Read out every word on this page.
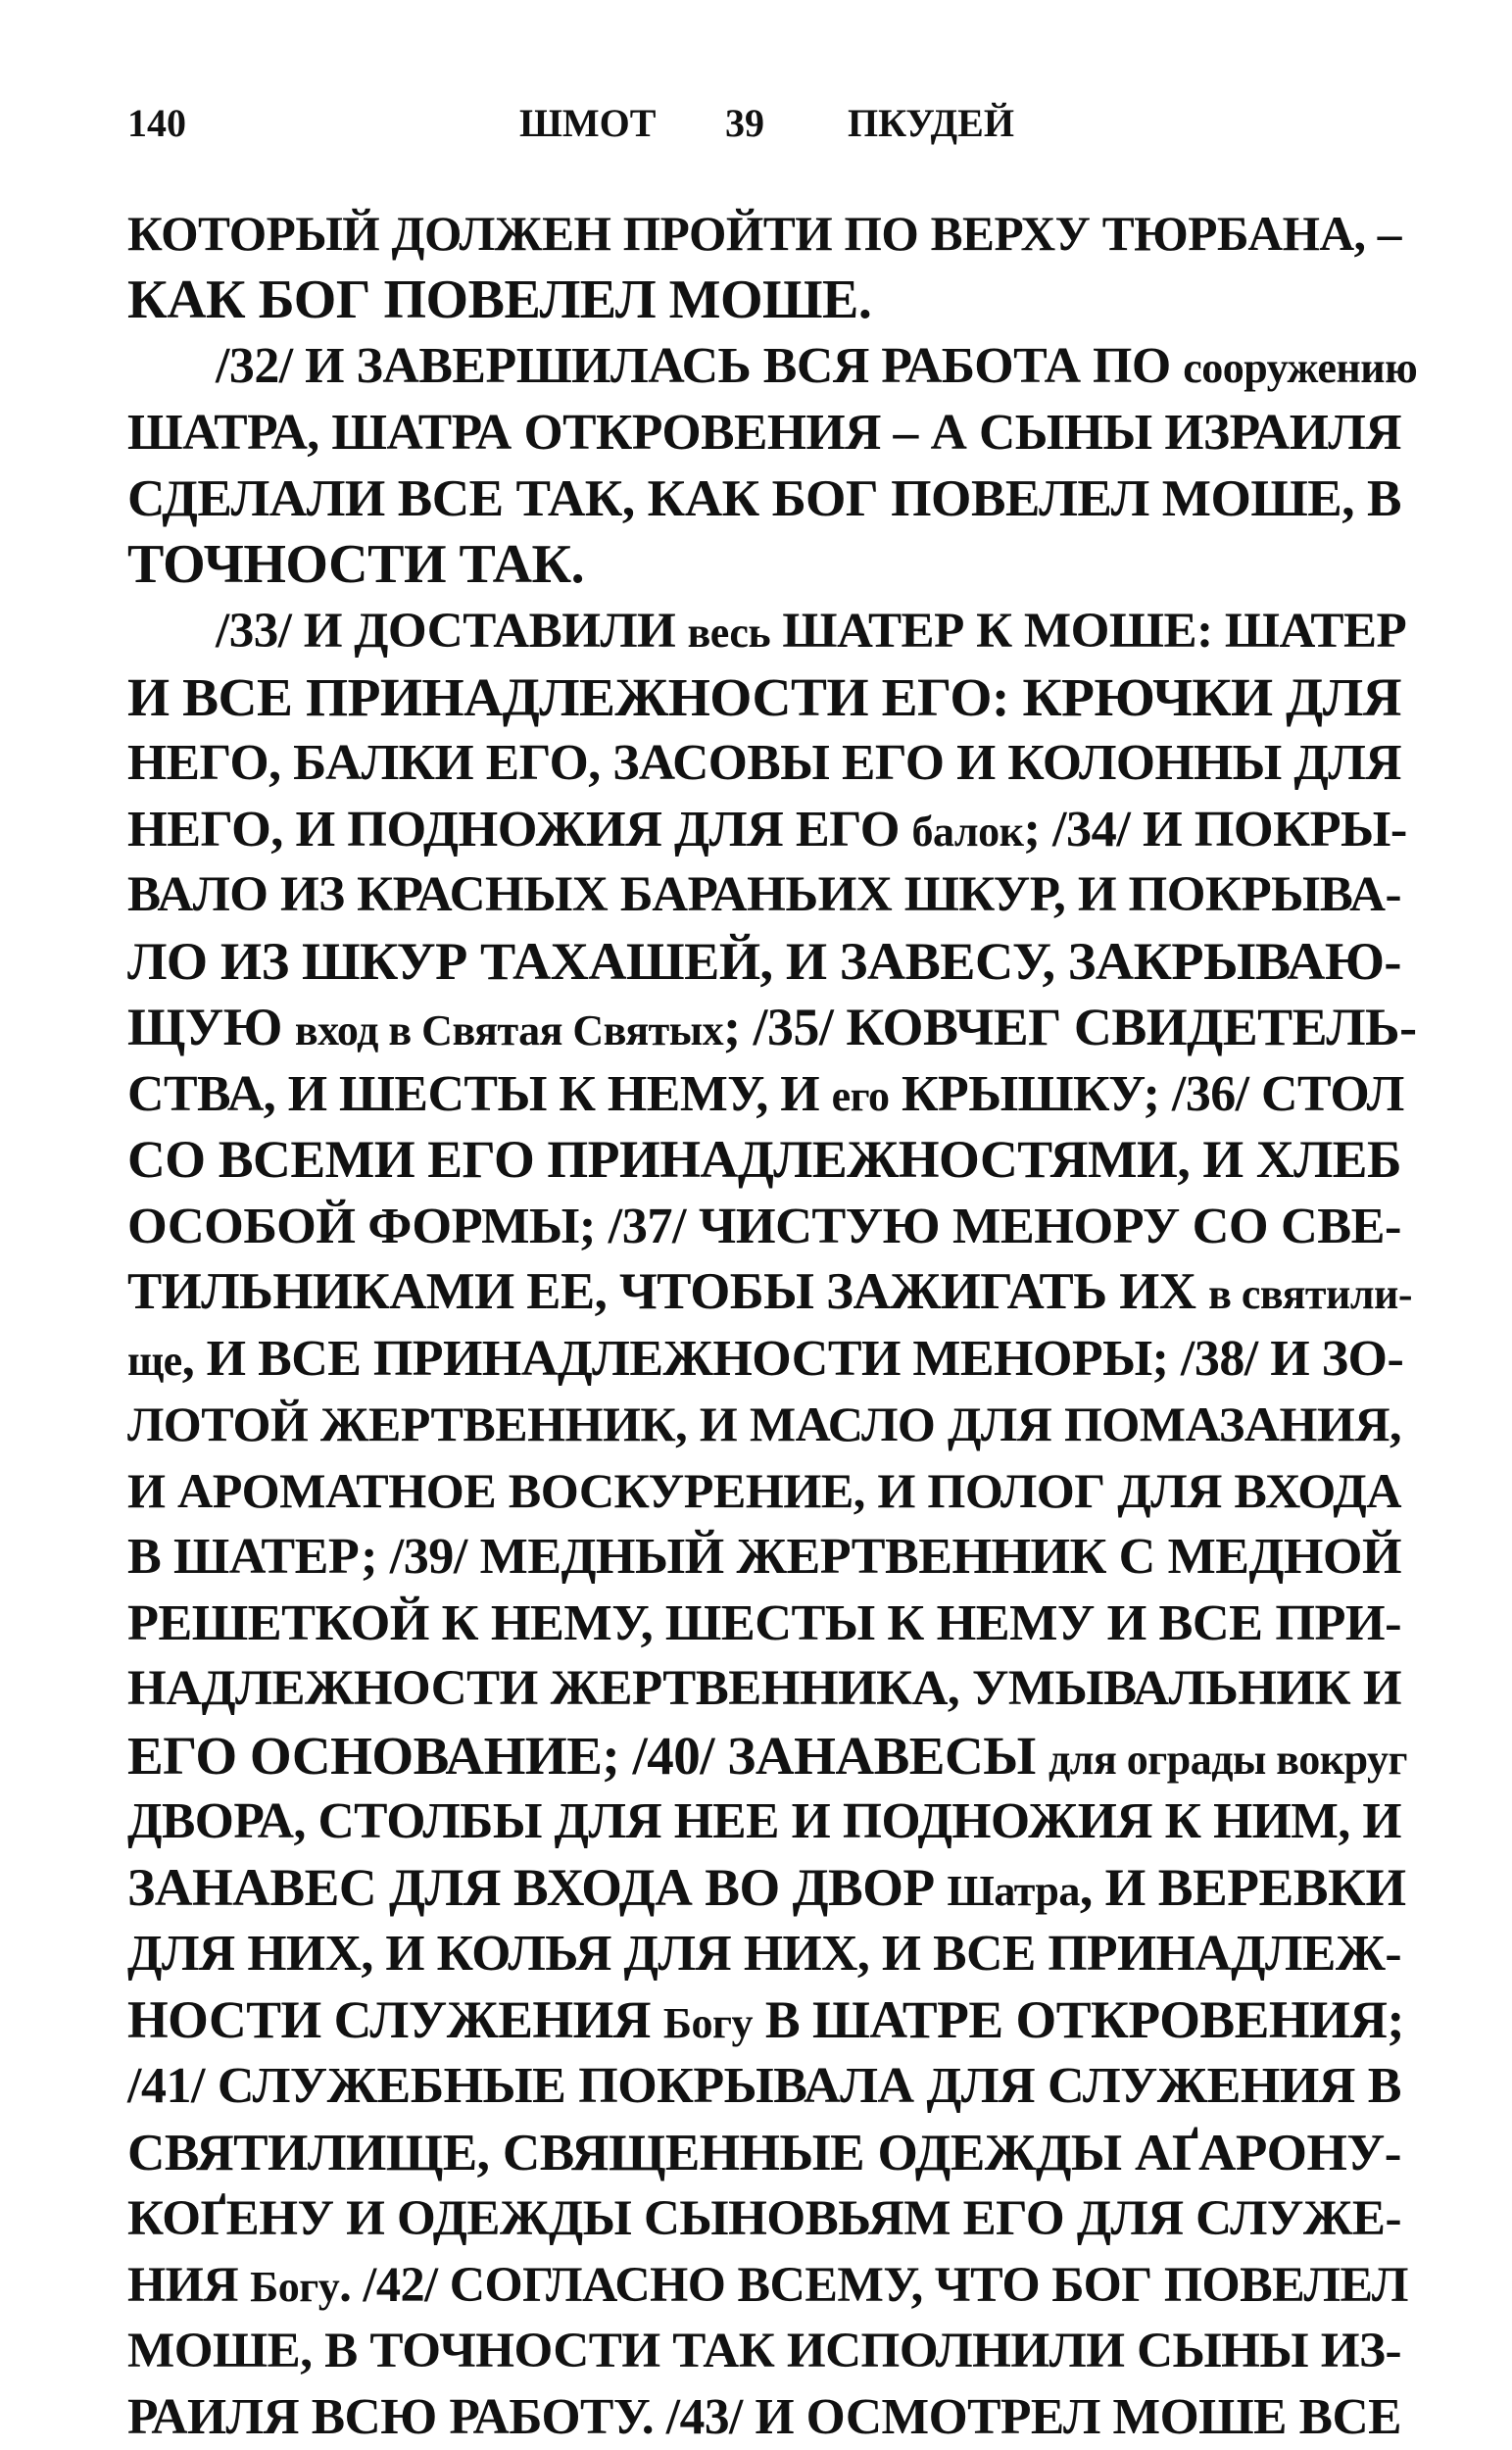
140	ШМОТ 39 ПКУДЕЙ
КОТОРЫЙ ДОЛЖЕН ПРОЙТИ ПО ВЕРХУ ТЮРБАНА, –
КАК БОГ ПОВЕЛЕЛ МОШЕ.
/32/ И ЗАВЕРШИЛАСЬ ВСЯ РАБОТА ПО сооружению
ШАТРА, ШАТРА ОТКРОВЕНИЯ – А СЫНЫ ИЗРАИЛЯ
СДЕЛАЛИ ВСЕ ТАК, КАК БОГ ПОВЕЛЕЛ МОШЕ, В
ТОЧНОСТИ ТАК.
/33/ И ДОСТАВИЛИ весь ШАТЕР К МОШЕ: ШАТЕР
И ВСЕ ПРИНАДЛЕЖНОСТИ ЕГО: КРЮЧКИ ДЛЯ
НЕГО, БАЛКИ ЕГО, ЗАСОВЫ ЕГО И КОЛОННЫ ДЛЯ
НЕГО, И ПОДНОЖИЯ ДЛЯ ЕГО балок; /34/ И ПОКРЫ-
ВАЛО ИЗ КРАСНЫХ БАРАНЬИХ ШКУР, И ПОКРЫВА-
ЛО ИЗ ШКУР ТАХАШЕЙ, И ЗАВЕСУ, ЗАКРЫВАЮ-
ЩУЮ вход в Святая Святых; /35/ КОВЧЕГ СВИДЕТЕЛЬ-
СТВА, И ШЕСТЫ К НЕМУ, И его КРЫШКУ; /36/ СТОЛ
СО ВСЕМИ ЕГО ПРИНАДЛЕЖНОСТЯМИ, И ХЛЕБ
ОСОБОЙ ФОРМЫ; /37/ ЧИСТУЮ МЕНОРУ СО СВЕ-
ТИЛЬНИКАМИ ЕЕ, ЧТОБЫ ЗАЖИГАТЬ ИХ в святили-
ще, И ВСЕ ПРИНАДЛЕЖНОСТИ МЕНОРЫ; /38/ И ЗО-
ЛОТОЙ ЖЕРТВЕННИК, И МАСЛО ДЛЯ ПОМАЗАНИЯ,
И АРОМАТНОЕ ВОСКУРЕНИЕ, И ПОЛОГ ДЛЯ ВХОДА
В ШАТЕР; /39/ МЕДНЫЙ ЖЕРТВЕННИК С МЕДНОЙ
РЕШЕТКОЙ К НЕМУ, ШЕСТЫ К НЕМУ И ВСЕ ПРИ-
НАДЛЕЖНОСТИ ЖЕРТВЕННИКА, УМЫВАЛЬНИК И
ЕГО ОСНОВАНИЕ; /40/ ЗАНАВЕСЫ для ограды вокруг
ДВОРА, СТОЛБЫ ДЛЯ НЕЕ И ПОДНОЖИЯ К НИМ, И
ЗАНАВЕС ДЛЯ ВХОДА ВО ДВОР Шатра, И ВЕРЕВКИ
ДЛЯ НИХ, И КОЛЬЯ ДЛЯ НИХ, И ВСЕ ПРИНАДЛЕЖ-
НОСТИ СЛУЖЕНИЯ Богу В ШАТРЕ ОТКРОВЕНИЯ;
/41/ СЛУЖЕБНЫЕ ПОКРЫВАЛА ДЛЯ СЛУЖЕНИЯ В
СВЯТИЛИЩЕ, СВЯЩЕННЫЕ ОДЕЖДЫ АҐАРОНУ-
КОҐЕНУ И ОДЕЖДЫ СЫНОВЬЯМ ЕГО ДЛЯ СЛУЖЕ-
НИЯ Богу. /42/ СОГЛАСНО ВСЕМУ, ЧТО БОГ ПОВЕЛЕЛ
МОШЕ, В ТОЧНОСТИ ТАК ИСПОЛНИЛИ СЫНЫ ИЗ-
РАИЛЯ ВСЮ РАБОТУ. /43/ И ОСМОТРЕЛ МОШЕ ВСЕ
